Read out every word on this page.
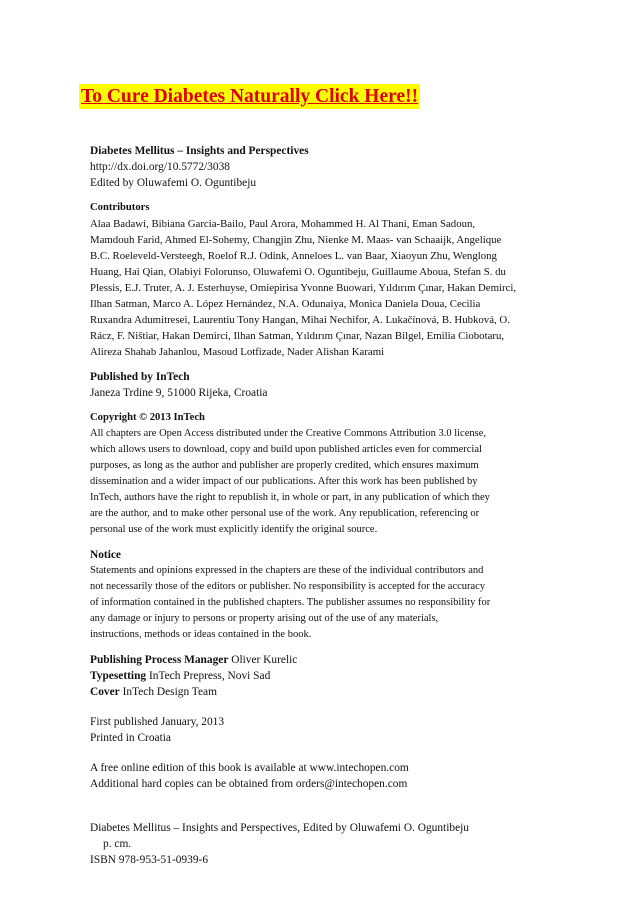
To Cure Diabetes Naturally Click Here!!

Diabetes Mellitus – Insights and Perspectives

http://dx.doi.org/10.5772/3038

Edited by Oluwafemi O. Oguntibeju

Contributors

Alaa Badawi, Bibiana Garcia-Bailo, Paul Arora, Mohammed H. Al Thani, Eman Sadoun,

Mamdouh Farid, Ahmed El-Sohemy, Changjin Zhu, Nienke M. Maas- van Schaaijk, Angelique

B.C. Roeleveld-Versteegh, Roelof R.J. Odink, Anneloes L. van Baar, Xiaoyun Zhu, Wenglong

Huang, Hai Qian, Olabiyi Folorunso, Oluwafemi O. Oguntibeju, Guillaume Aboua, Stefan S. du

Plessis, E.J. Truter, A. J. Esterhuyse, Omiepirisa Yvonne Buowari, Yıldırım Çınar, Hakan Demirci,

Ilhan Satman, Marco A. López Hernández, N.A. Odunaiya, Monica Daniela Doua, Cecilia

Ruxandra Adumitresei, Laurentiu Tony Hangan, Mihai Nechifor, A. Lukačínová, B. Hubková, O.

Rácz, F. Ništiar, Hakan Demirci, Ilhan Satman, Yıldırım Çınar, Nazan Bilgel, Emilia Ciobotaru,

Alireza Shahab Jahanlou, Masoud Lotfizade, Nader Alishan Karami

Published by InTech

Janeza Trdine 9, 51000 Rijeka, Croatia

Copyright © 2013 InTech

All chapters are Open Access distributed under the Creative Commons Attribution 3.0 license,

which allows users to download, copy and build upon published articles even for commercial

purposes, as long as the author and publisher are properly credited, which ensures maximum

dissemination and a wider impact of our publications. After this work has been published by

InTech, authors have the right to republish it, in whole or part, in any publication of which they

are the author, and to make other personal use of the work. Any republication, referencing or

personal use of the work must explicitly identify the original source.

Notice

Statements and opinions expressed in the chapters are these of the individual contributors and

not necessarily those of the editors or publisher. No responsibility is accepted for the accuracy

of information contained in the published chapters. The publisher assumes no responsibility for

any damage or injury to persons or property arising out of the use of any materials,

instructions, methods or ideas contained in the book.

Publishing Process Manager Oliver Kurelic

Typesetting InTech Prepress, Novi Sad

Cover InTech Design Team

First published January, 2013

Printed in Croatia

A free online edition of this book is available at www.intechopen.com

Additional hard copies can be obtained from orders@intechopen.com

Diabetes Mellitus – Insights and Perspectives, Edited by Oluwafemi O. Oguntibeju

p. cm.

ISBN 978-953-51-0939-6
